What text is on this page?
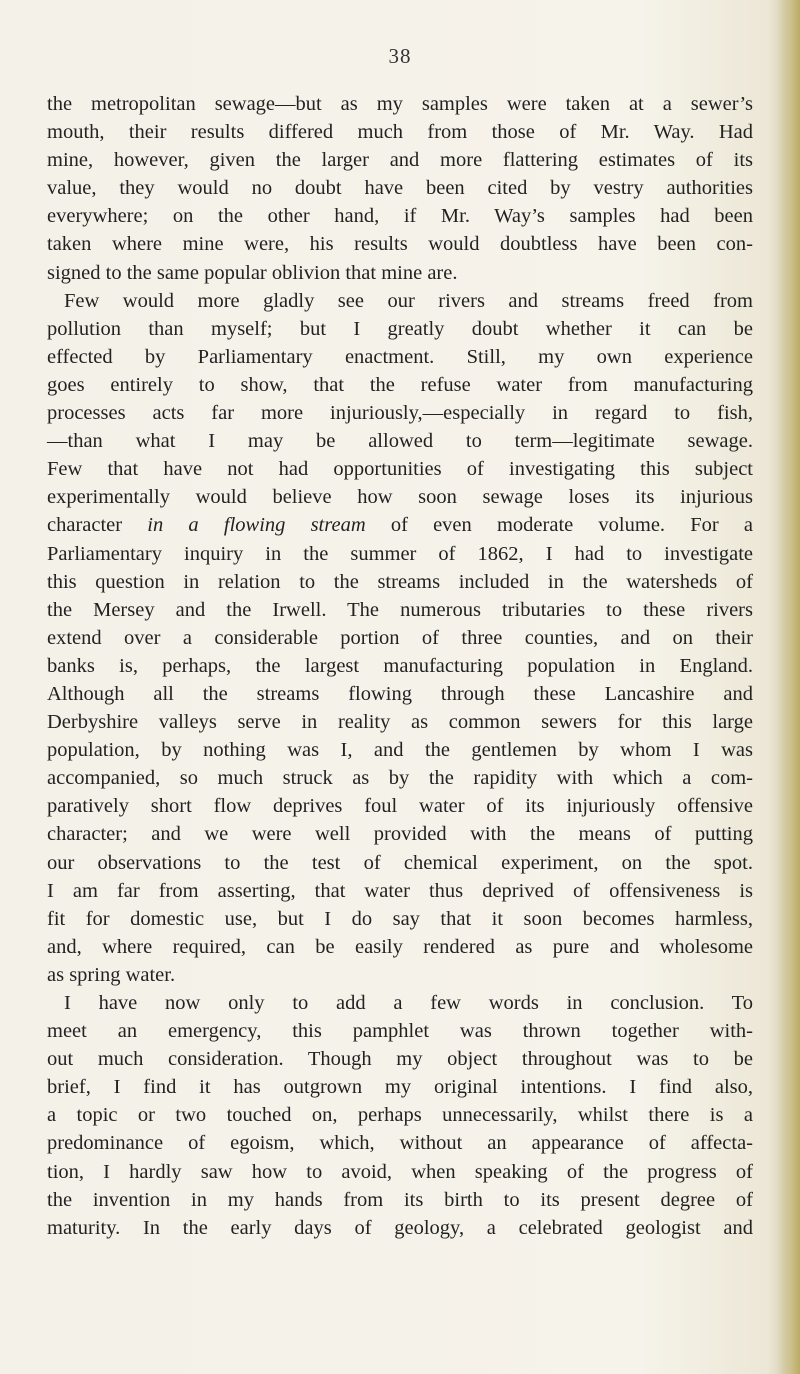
38
the metropolitan sewage—but as my samples were taken at a sewer’s
mouth, their results differed much from those of Mr. Way. Had
mine, however, given the larger and more flattering estimates of its
value, they would no doubt have been cited by vestry authorities
everywhere; on the other hand, if Mr. Way’s samples had been
taken where mine were, his results would doubtless have been con-
signed to the same popular oblivion that mine are.
Few would more gladly see our rivers and streams freed from
pollution than myself; but I greatly doubt whether it can be
effected by Parliamentary enactment. Still, my own experience
goes entirely to show, that the refuse water from manufacturing
processes acts far more injuriously,—especially in regard to fish,
—than what I may be allowed to term—legitimate sewage.
Few that have not had opportunities of investigating this subject
experimentally would believe how soon sewage loses its injurious
character in a flowing stream of even moderate volume. For a
Parliamentary inquiry in the summer of 1862, I had to investigate
this question in relation to the streams included in the watersheds of
the Mersey and the Irwell. The numerous tributaries to these rivers
extend over a considerable portion of three counties, and on their
banks is, perhaps, the largest manufacturing population in England.
Although all the streams flowing through these Lancashire and
Derbyshire valleys serve in reality as common sewers for this large
population, by nothing was I, and the gentlemen by whom I was
accompanied, so much struck as by the rapidity with which a com-
paratively short flow deprives foul water of its injuriously offensive
character; and we were well provided with the means of putting
our observations to the test of chemical experiment, on the spot.
I am far from asserting, that water thus deprived of offensiveness is
fit for domestic use, but I do say that it soon becomes harmless,
and, where required, can be easily rendered as pure and wholesome
as spring water.
I have now only to add a few words in conclusion. To
meet an emergency, this pamphlet was thrown together with-
out much consideration. Though my object throughout was to be
brief, I find it has outgrown my original intentions. I find also,
a topic or two touched on, perhaps unnecessarily, whilst there is a
predominance of egoism, which, without an appearance of affecta-
tion, I hardly saw how to avoid, when speaking of the progress of
the invention in my hands from its birth to its present degree of
maturity. In the early days of geology, a celebrated geologist and
